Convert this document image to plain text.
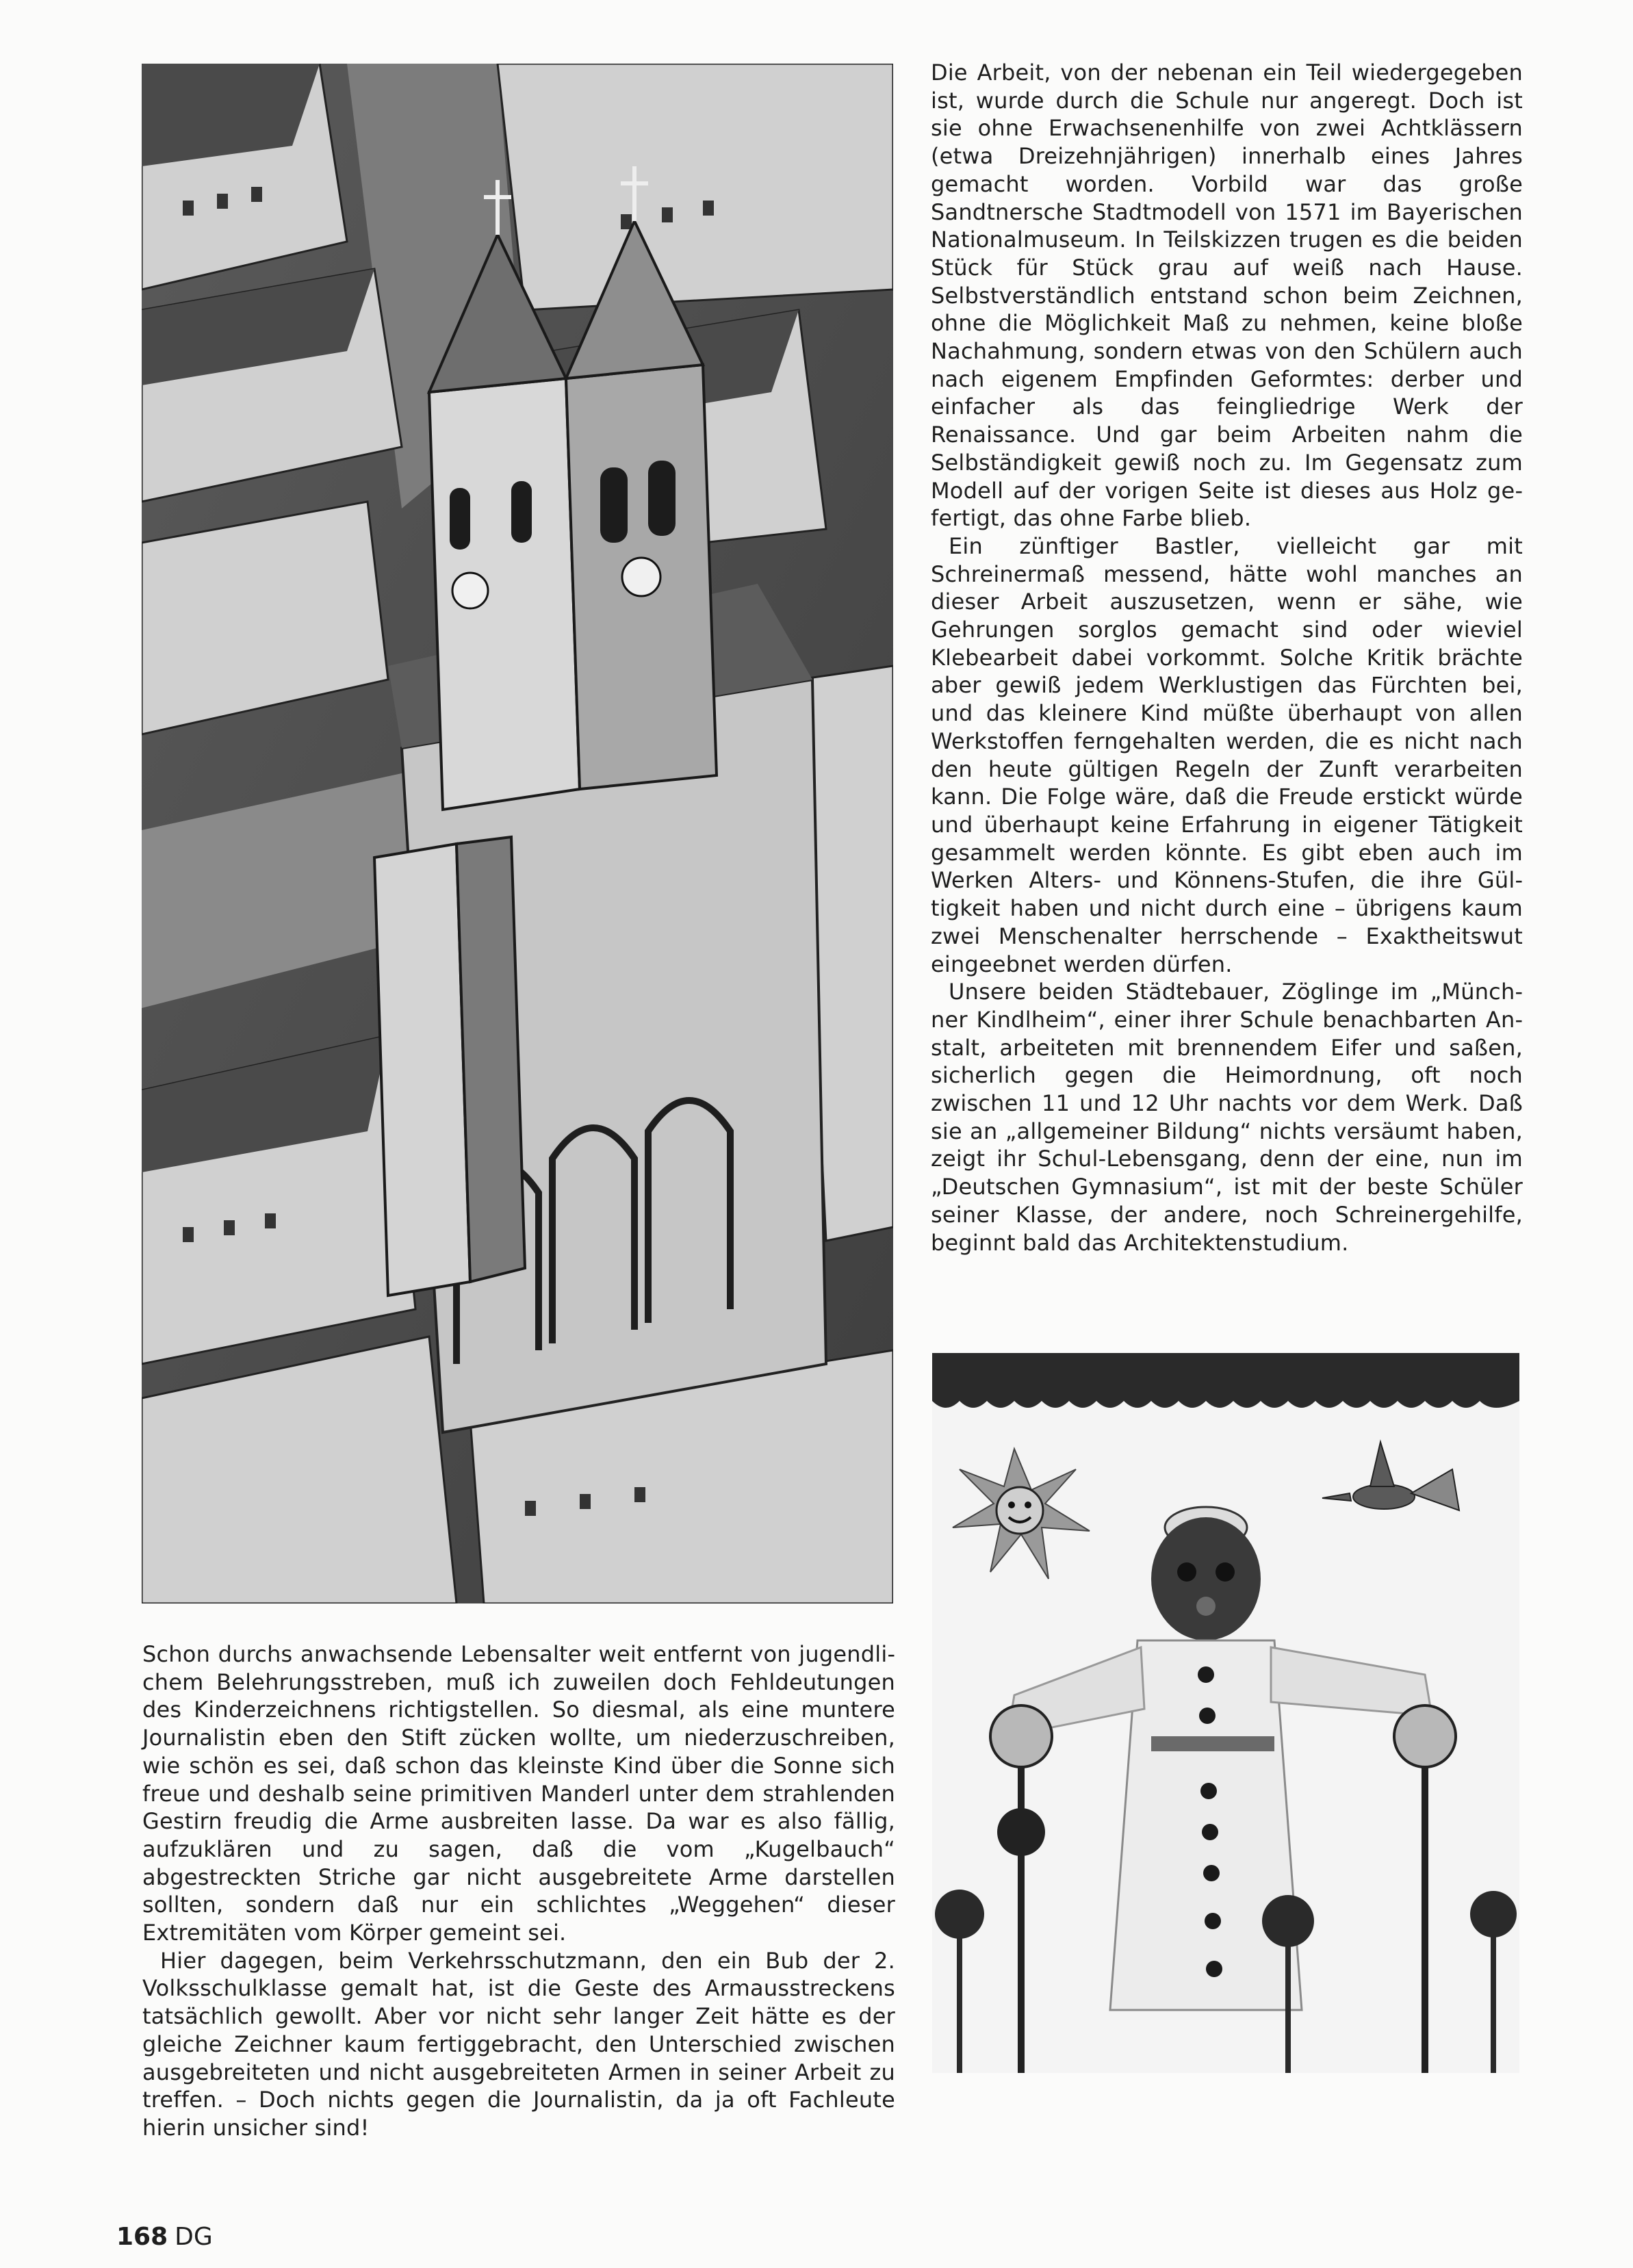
Die Arbeit, von der nebenan ein Teil wiedergegeben ist, wurde durch die Schule nur angeregt. Doch ist sie ohne Erwachsenenhilfe von zwei Achtklässern (etwa Dreizehnjährigen) innerhalb eines Jahres gemacht worden. Vorbild war das große Sandtnersche Stadtmodell von 1571 im Bayerischen Nationalmuseum. In Teilskizzen trugen es die beiden Stück für Stück grau auf weiß nach Hause. Selbstverständlich entstand schon beim Zeichnen, ohne die Möglichkeit Maß zu nehmen, keine bloße Nachahmung, sondern etwas von den Schülern auch nach eigenem Empfinden Geformtes: derber und einfacher als das feingliedrige Werk der Renaissance. Und gar beim Arbeiten nahm die Selbständigkeit gewiß noch zu. Im Gegensatz zum Modell auf der vorigen Seite ist dieses aus Holz gefertigt, das ohne Farbe blieb.

Ein zünftiger Bastler, vielleicht gar mit Schreinermaß messend, hätte wohl manches an dieser Arbeit auszusetzen, wenn er sähe, wie Gehrungen sorglos gemacht sind oder wieviel Klebearbeit dabei vorkommt. Solche Kritik brächte aber gewiß jedem Werklustigen das Fürchten bei, und das kleinere Kind müßte überhaupt von allen Werkstoffen ferngehalten werden, die es nicht nach den heute gültigen Regeln der Zunft verarbeiten kann. Die Folge wäre, daß die Freude erstickt würde und überhaupt keine Erfahrung in eigener Tätigkeit gesammelt werden könnte. Es gibt eben auch im Werken Alters- und Könnens-Stufen, die ihre Gültigkeit haben und nicht durch eine – übrigens kaum zwei Menschenalter herrschende – Exaktheitswut eingeebnet werden dürfen.

Unsere beiden Städtebauer, Zöglinge im „Münchner Kindlheim“, einer ihrer Schule benachbarten Anstalt, arbeiteten mit brennendem Eifer und saßen, sicherlich gegen die Heimordnung, oft noch zwischen 11 und 12 Uhr nachts vor dem Werk. Daß sie an „allgemeiner Bildung“ nichts versäumt haben, zeigt ihr Schul-Lebensgang, denn der eine, nun im „Deutschen Gymnasium“, ist mit der beste Schüler seiner Klasse, der andere, noch Schreinergehilfe, beginnt bald das Architektenstudium.

Schon durchs anwachsende Lebensalter weit entfernt von jugendlichem Belehrungsstreben, muß ich zuweilen doch Fehldeutungen des Kinderzeichnens richtigstellen. So diesmal, als eine muntere Journalistin eben den Stift zücken wollte, um niederzuschreiben, wie schön es sei, daß schon das kleinste Kind über die Sonne sich freue und deshalb seine primitiven Manderl unter dem strahlenden Gestirn freudig die Arme ausbreiten lasse. Da war es also fällig, aufzuklären und zu sagen, daß die vom „Kugelbauch“ abgestreckten Striche gar nicht ausgebreitete Arme darstellen sollten, sondern daß nur ein schlichtes „Weggehen“ dieser Extremitäten vom Körper gemeint sei.

Hier dagegen, beim Verkehrsschutzmann, den ein Bub der 2. Volksschulklasse gemalt hat, ist die Geste des Armausstreckens tatsächlich gewollt. Aber vor nicht sehr langer Zeit hätte es der gleiche Zeichner kaum fertiggebracht, den Unterschied zwischen ausgebreiteten und nicht ausgebreiteten Armen in seiner Arbeit zu treffen. – Doch nichts gegen die Journalistin, da ja oft Fachleute hierin unsicher sind!

168 DG
